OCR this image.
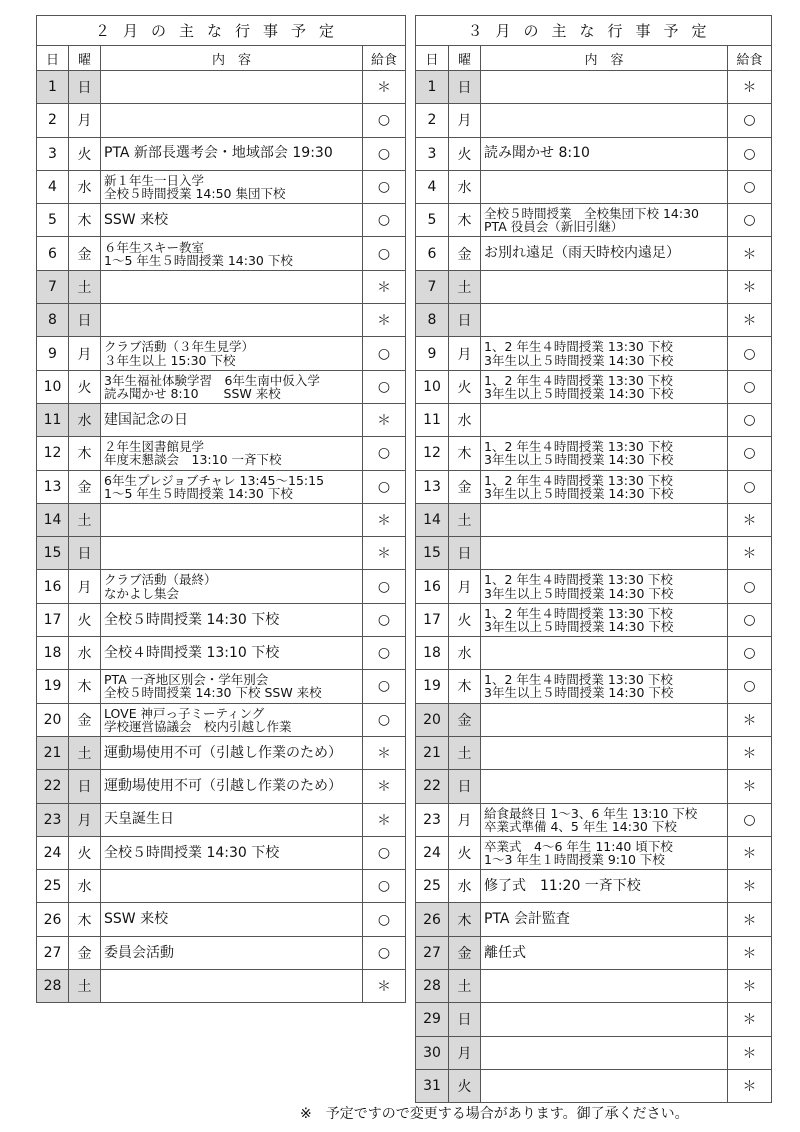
２月の主な行事予定			
日	曜	内　容	給食
1	日		＊
2	月		○
3	火	PTA 新部長選考会・地域部会 19:30	○
4	水	新１年生一日入学
全校５時間授業 14:50 集団下校	○
5	木	SSW 来校	○
6	金	６年生スキー教室
1～5 年生５時間授業 14:30 下校	○
7	土		＊
8	日		＊
9	月	クラブ活動（３年生見学）
３年生以上 15:30 下校	○
10	火	3年生福祉体験学習　6年生南中仮入学
読み聞かせ 8:10　　SSW 来校	○
11	水	建国記念の日	＊
12	木	２年生図書館見学
年度末懇談会　13:10 一斉下校	○
13	金	6年生プレジョブチャレ 13:45～15:15
1～5 年生５時間授業 14:30 下校	○
14	土		＊
15	日		＊
16	月	クラブ活動（最終）
なかよし集会	○
17	火	全校５時間授業 14:30 下校	○
18	水	全校４時間授業 13:10 下校	○
19	木	PTA 一斉地区別会・学年別会
全校５時間授業 14:30 下校 SSW 来校	○
20	金	LOVE 神戸っ子ミーティング
学校運営協議会　校内引越し作業	○
21	土	運動場使用不可（引越し作業のため）	＊
22	日	運動場使用不可（引越し作業のため）	＊
23	月	天皇誕生日	＊
24	火	全校５時間授業 14:30 下校	○
25	水		○
26	木	SSW 来校	○
27	金	委員会活動	○
28	土		＊
３月の主な行事予定			
日	曜	内　容	給食
1	日		＊
2	月		○
3	火	読み聞かせ 8:10	○
4	水		○
5	木	全校５時間授業　全校集団下校 14:30
PTA 役員会（新旧引継）	○
6	金	お別れ遠足（雨天時校内遠足）	＊
7	土		＊
8	日		＊
9	月	1、2 年生４時間授業 13:30 下校
3年生以上５時間授業 14:30 下校	○
10	火	1、2 年生４時間授業 13:30 下校
3年生以上５時間授業 14:30 下校	○
11	水		○
12	木	1、2 年生４時間授業 13:30 下校
3年生以上５時間授業 14:30 下校	○
13	金	1、2 年生４時間授業 13:30 下校
3年生以上５時間授業 14:30 下校	○
14	土		＊
15	日		＊
16	月	1、2 年生４時間授業 13:30 下校
3年生以上５時間授業 14:30 下校	○
17	火	1、2 年生４時間授業 13:30 下校
3年生以上５時間授業 14:30 下校	○
18	水		○
19	木	1、2 年生４時間授業 13:30 下校
3年生以上５時間授業 14:30 下校	○
20	金		＊
21	土		＊
22	日		＊
23	月	給食最終日 1～3、6 年生 13:10 下校
卒業式準備 4、5 年生 14:30 下校	○
24	火	卒業式　4～6 年生 11:40 頃下校
1～3 年生１時間授業 9:10 下校	＊
25	水	修了式　11:20 一斉下校	＊
26	木	PTA 会計監査	＊
27	金	離任式	＊
28	土		＊
29	日		＊
30	月		＊
31	火		＊
※　予定ですので変更する場合があります。御了承ください。
